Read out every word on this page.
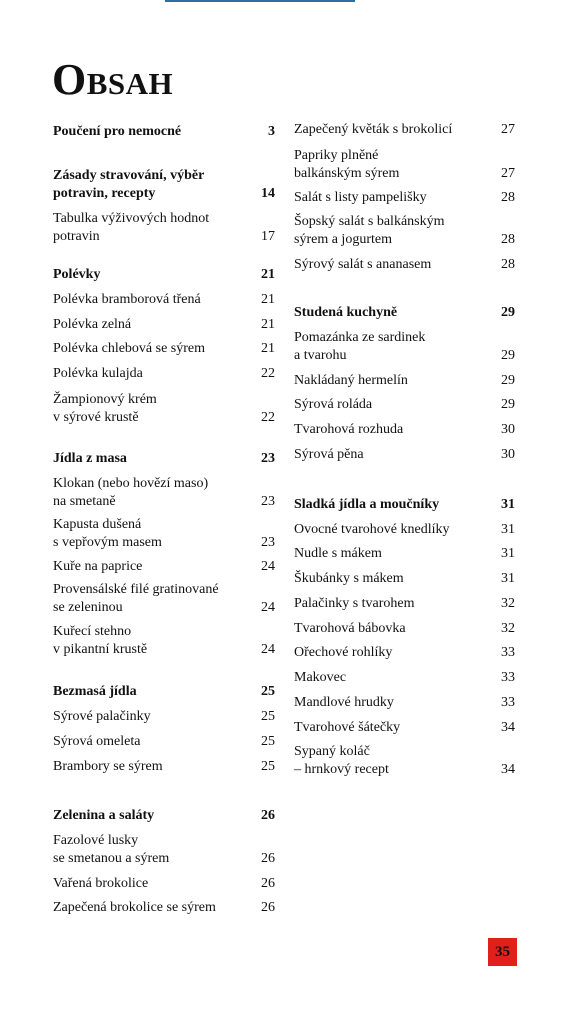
OBSAH
Poučení pro nemocné	3
Zásady stravování, výběr
potravin, recepty	14
Tabulka výživových hodnot
potravin	17
Polévky	21
Polévka bramborová třená	21
Polévka zelná	21
Polévka chlebová se sýrem	21
Polévka kulajda	22
Žampionový krém
v sýrové krustě	22
Jídla z masa	23
Klokan (nebo hovězí maso)
na smetaně	23
Kapusta dušená
s vepřovým masem	23
Kuře na paprice	24
Provensálské filé gratinované
se zeleninou	24
Kuřecí stehno
v pikantní krustě	24
Bezmasá jídla	25
Sýrové palačinky	25
Sýrová omeleta	25
Brambory se sýrem	25
Zelenina a saláty	26
Fazolové lusky
se smetanou a sýrem	26
Vařená brokolice	26
Zapečená brokolice se sýrem	26
Zapečený květák s brokolicí	27
Papriky plněné
balkánským sýrem	27
Salát s listy pampelišky	28
Šopský salát s balkánským
sýrem a jogurtem	28
Sýrový salát s ananasem	28
Studená kuchyně	29
Pomazánka ze sardinek
a tvarohu	29
Nakládaný hermelín	29
Sýrová roláda	29
Tvarohová rozhuda	30
Sýrová pěna	30
Sladká jídla a moučníky	31
Ovocné tvarohové knedlíky	31
Nudle s mákem	31
Škubánky s mákem	31
Palačinky s tvarohem	32
Tvarohová bábovka	32
Ořechové rohlíky	33
Makovec	33
Mandlové hrudky	33
Tvarohové šátečky	34
Sypaný koláč
– hrnkový recept	34
35
